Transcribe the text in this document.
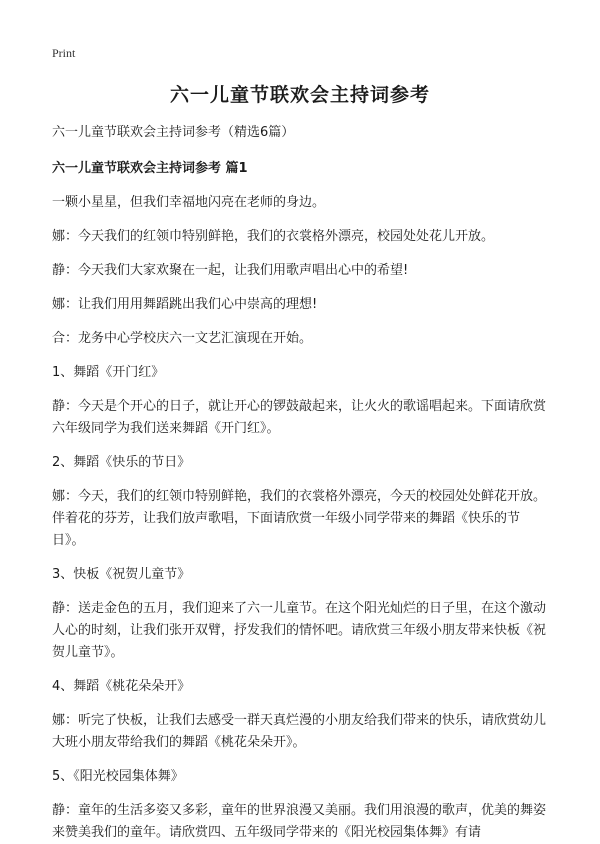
Print
六一儿童节联欢会主持词参考

六一儿童节联欢会主持词参考（精选6篇）

六一儿童节联欢会主持词参考 篇1

一颗小星星，但我们幸福地闪亮在老师的身边。

娜：今天我们的红领巾特别鲜艳，我们的衣裳格外漂亮，校园处处花儿开放。

静：今天我们大家欢聚在一起，让我们用歌声唱出心中的希望!

娜：让我们用用舞蹈跳出我们心中崇高的理想!

合：龙务中心学校庆六一文艺汇演现在开始。

1、舞蹈《开门红》

静：今天是个开心的日子，就让开心的锣鼓敲起来，让火火的歌谣唱起来。下面请欣赏六年级同学为我们送来舞蹈《开门红》。

2、舞蹈《快乐的节日》

娜：今天，我们的红领巾特别鲜艳，我们的衣裳格外漂亮，今天的校园处处鲜花开放。伴着花的芬芳，让我们放声歌唱，下面请欣赏一年级小同学带来的舞蹈《快乐的节日》。

3、快板《祝贺儿童节》

静：送走金色的五月，我们迎来了六一儿童节。在这个阳光灿烂的日子里，在这个激动人心的时刻，让我们张开双臂，抒发我们的情怀吧。请欣赏三年级小朋友带来快板《祝贺儿童节》。

4、舞蹈《桃花朵朵开》

娜：听完了快板，让我们去感受一群天真烂漫的小朋友给我们带来的快乐，请欣赏幼儿大班小朋友带给我们的舞蹈《桃花朵朵开》。

5、《阳光校园集体舞》

静：童年的生活多姿又多彩，童年的世界浪漫又美丽。我们用浪漫的歌声，优美的舞姿来赞美我们的童年。请欣赏四、五年级同学带来的《阳光校园集体舞》有请
